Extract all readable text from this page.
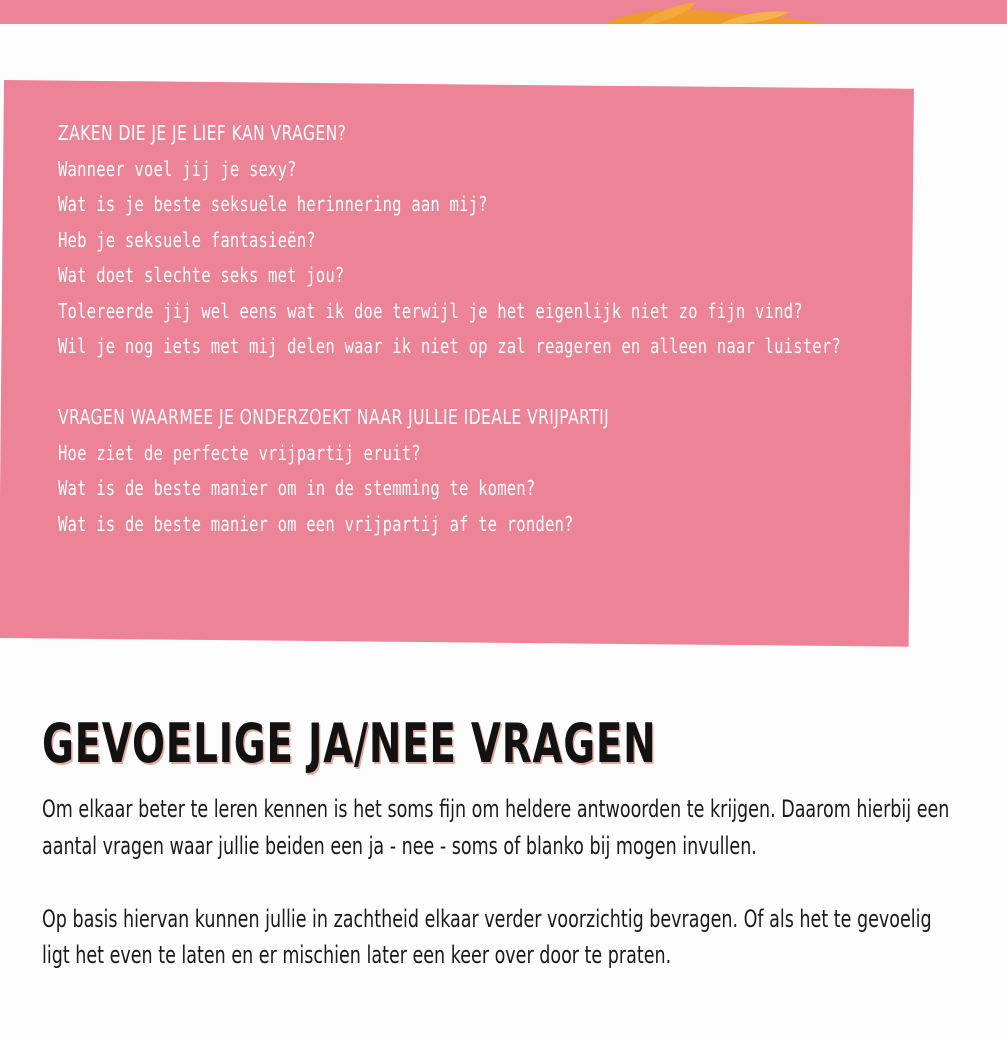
ZAKEN DIE JE JE LIEF KAN VRAGEN?
Wanneer voel jij je sexy?
Wat is je beste seksuele herinnering aan mij?
Heb je seksuele fantasieën?
Wat doet slechte seks met jou?
Tolereerde jij wel eens wat ik doe terwijl je het eigenlijk niet zo fijn vind?
Wil je nog iets met mij delen waar ik niet op zal reageren en alleen naar luister?
VRAGEN WAARMEE JE ONDERZOEKT NAAR JULLIE IDEALE VRIJPARTIJ
Hoe ziet de perfecte vrijpartij eruit?
Wat is de beste manier om in de stemming te komen?
Wat is de beste manier om een vrijpartij af te ronden?
GEVOELIGE JA/NEE VRAGEN

Om elkaar beter te leren kennen is het soms fijn om heldere antwoorden te krijgen. Daarom hierbij een aantal vragen waar jullie beiden een ja - nee - soms of blanko bij mogen invullen.

Op basis hiervan kunnen jullie in zachtheid elkaar verder voorzichtig bevragen. Of als het te gevoelig ligt het even te laten en er mischien later een keer over door te praten.
